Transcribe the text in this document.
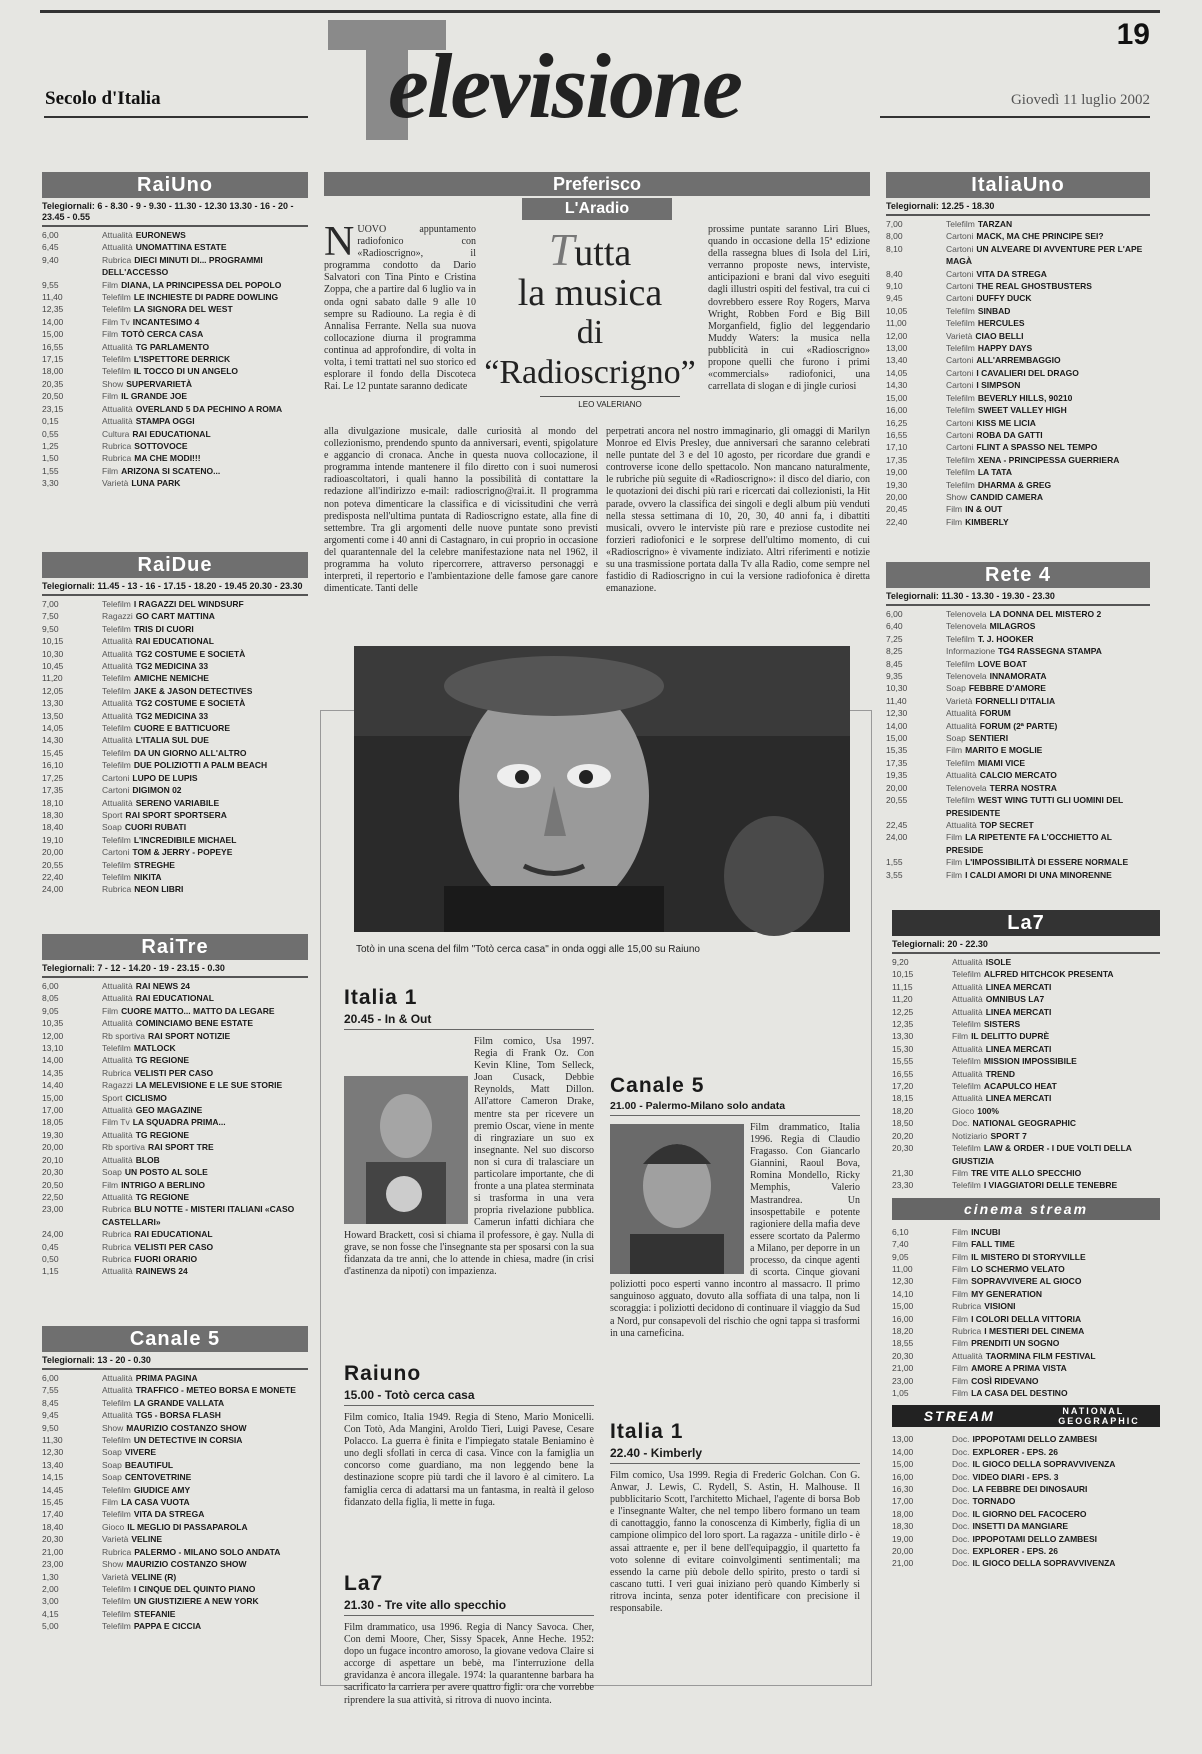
19
Secolo d'Italia elevisione	Giovedì 11 luglio 2002
RaiUno
Telegiornali: 6 - 8.30 - 9 - 9.30 - 11.30 - 12.30 13.30 - 16 - 20 - 23.45 - 0.55
6,00	Attualità EURONEWS
6,45	Attualità UNOMATTINA ESTATE
9,40	Rubrica DIECI MINUTI DI... PROGRAMMI DELL'ACCESSO
9,55	Film DIANA, LA PRINCIPESSA DEL POPOLO
11,40	Telefilm LE INCHIESTE DI PADRE DOWLING
12,35	Telefilm LA SIGNORA DEL WEST
14,00	Film Tv INCANTESIMO 4
15,00	Film TOTÒ CERCA CASA
16,55	Attualità TG PARLAMENTO
17,15	Telefilm L'ISPETTORE DERRICK
18,00	Telefilm IL TOCCO DI UN ANGELO
20,35	Show SUPERVARIETÀ
20,50	Film IL GRANDE JOE
23,15	Attualità OVERLAND 5 DA PECHINO A ROMA
0,15	Attualità STAMPA OGGI
0,55	Cultura RAI EDUCATIONAL
1,25	Rubrica SOTTOVOCE
1,50	Rubrica MA CHE MODI!!!
1,55	Film ARIZONA SI SCATENO...
3,30	Varietà LUNA PARK
RaiDue
Telegiornali: 11.45 - 13 - 16 - 17.15 - 18.20 - 19.45 20.30 - 23.30
7,00	Telefilm I RAGAZZI DEL WINDSURF
7,50	Ragazzi GO CART MATTINA
9,50	Telefilm TRIS DI CUORI
10,15	Attualità RAI EDUCATIONAL
10,30	Attualità TG2 COSTUME E SOCIETÀ
10,45	Attualità TG2 MEDICINA 33
11,20	Telefilm AMICHE NEMICHE
12,05	Telefilm JAKE & JASON DETECTIVES
13,30	Attualità TG2 COSTUME E SOCIETÀ
13,50	Attualità TG2 MEDICINA 33
14,05	Telefilm CUORE E BATTICUORE
14,30	Attualità L'ITALIA SUL DUE
15,45	Telefilm DA UN GIORNO ALL'ALTRO
16,10	Telefilm DUE POLIZIOTTI A PALM BEACH
17,25	Cartoni LUPO DE LUPIS
17,35	Cartoni DIGIMON 02
18,10	Attualità SERENO VARIABILE
18,30	Sport RAI SPORT SPORTSERA
18,40	Soap CUORI RUBATI
19,10	Telefilm L'INCREDIBILE MICHAEL
20,00	Cartoni TOM & JERRY - POPEYE
20,55	Telefilm STREGHE
22,40	Telefilm NIKITA
24,00	Rubrica NEON LIBRI
RaiTre
Telegiornali: 7 - 12 - 14.20 - 19 - 23.15 - 0.30
6,00	Attualità RAI NEWS 24
8,05	Attualità RAI EDUCATIONAL
9,05	Film CUORE MATTO... MATTO DA LEGARE
10,35	Attualità COMINCIAMO BENE ESTATE
12,00	Rb sportiva RAI SPORT NOTIZIE
13,10	Telefilm MATLOCK
14,00	Attualità TG REGIONE
14,35	Rubrica VELISTI PER CASO
14,40	Ragazzi LA MELEVISIONE E LE SUE STORIE
15,00	Sport CICLISMO
17,00	Attualità GEO MAGAZINE
18,05	Film Tv LA SQUADRA PRIMA...
19,30	Attualità TG REGIONE
20,00	Rb sportiva RAI SPORT TRE
20,10	Attualità BLOB
20,30	Soap UN POSTO AL SOLE
20,50	Film INTRIGO A BERLINO
22,50	Attualità TG REGIONE
23,00	Rubrica BLU NOTTE - MISTERI ITALIANI «CASO CASTELLARI»
24,00	Rubrica RAI EDUCATIONAL
0,45	Rubrica VELISTI PER CASO
0,50	Rubrica FUORI ORARIO
1,15	Attualità RAINEWS 24
Canale 5
Telegiornali: 13 - 20 - 0.30
6,00	Attualità PRIMA PAGINA
7,55	Attualità TRAFFICO - METEO BORSA E MONETE
8,45	Telefilm LA GRANDE VALLATA
9,45	Attualità TG5 - BORSA FLASH
9,50	Show MAURIZIO COSTANZO SHOW
11,30	Telefilm UN DETECTIVE IN CORSIA
12,30	Soap VIVERE
13,40	Soap BEAUTIFUL
14,15	Soap CENTOVETRINE
14,45	Telefilm GIUDICE AMY
15,45	Film LA CASA VUOTA
17,40	Telefilm VITA DA STREGA
18,40	Gioco IL MEGLIO DI PASSAPAROLA
20,30	Varietà VELINE
21,00	Rubrica PALERMO - MILANO SOLO ANDATA
23,00	Show MAURIZIO COSTANZO SHOW
1,30	Varietà VELINE (R)
2,00	Telefilm I CINQUE DEL QUINTO PIANO
3,00	Telefilm UN GIUSTIZIERE A NEW YORK
4,15	Telefilm STEFANIE
5,00	Telefilm PAPPA E CICCIA
ItaliaUno
Telegiornali: 12.25 - 18.30
7,00	Telefilm TARZAN
8,00	Cartoni MACK, MA CHE PRINCIPE SEI?
8,10	Cartoni UN ALVEARE DI AVVENTURE PER L'APE MAGÀ
8,40	Cartoni VITA DA STREGA
9,10	Cartoni THE REAL GHOSTBUSTERS
9,45	Cartoni DUFFY DUCK
10,05	Telefilm SINBAD
11,00	Telefilm HERCULES
12,00	Varietà CIAO BELLI
13,00	Telefilm HAPPY DAYS
13,40	Cartoni ALL'ARREMBAGGIO
14,05	Cartoni I CAVALIERI DEL DRAGO
14,30	Cartoni I SIMPSON
15,00	Telefilm BEVERLY HILLS, 90210
16,00	Telefilm SWEET VALLEY HIGH
16,25	Cartoni KISS ME LICIA
16,55	Cartoni ROBA DA GATTI
17,10	Cartoni FLINT A SPASSO NEL TEMPO
17,35	Telefilm XENA - PRINCIPESSA GUERRIERA
19,00	Telefilm LA TATA
19,30	Telefilm DHARMA & GREG
20,00	Show CANDID CAMERA
20,45	Film IN & OUT
22,40	Film KIMBERLY
Rete 4
Telegiornali: 11.30 - 13.30 - 19.30 - 23.30
6,00	Telenovela LA DONNA DEL MISTERO 2
6,40	Telenovela MILAGROS
7,25	Telefilm T. J. HOOKER
8,25	Informazione TG4 RASSEGNA STAMPA
8,45	Telefilm LOVE BOAT
9,35	Telenovela INNAMORATA
10,30	Soap FEBBRE D'AMORE
11,40	Varietà FORNELLI D'ITALIA
12,30	Attualità FORUM
14,00	Attualità FORUM (2ª PARTE)
15,00	Soap SENTIERI
15,35	Film MARITO E MOGLIE
17,35	Telefilm MIAMI VICE
19,35	Attualità CALCIO MERCATO
20,00	Telenovela TERRA NOSTRA
20,55	Telefilm WEST WING TUTTI GLI UOMINI DEL PRESIDENTE
22,45	Attualità TOP SECRET
24,00	Film LA RIPETENTE FA L'OCCHIETTO AL PRESIDE
1,55	Film L'IMPOSSIBILITÀ DI ESSERE NORMALE
3,55	Film I CALDI AMORI DI UNA MINORENNE
La7
Telegiornali: 20 - 22.30
9,20	Attualità ISOLE
10,15	Telefilm ALFRED HITCHCOK PRESENTA
11,15	Attualità LINEA MERCATI
11,20	Attualità OMNIBUS LA7
12,25	Attualità LINEA MERCATI
12,35	Telefilm SISTERS
13,30	Film IL DELITTO DUPRÈ
15,30	Attualità LINEA MERCATI
15,55	Telefilm MISSION IMPOSSIBILE
16,55	Attualità TREND
17,20	Telefilm ACAPULCO HEAT
18,15	Attualità LINEA MERCATI
18,20	Gioco 100%
18,50	Doc. NATIONAL GEOGRAPHIC
20,20	Notiziario SPORT 7
20,30	Telefilm LAW & ORDER - I DUE VOLTI DELLA GIUSTIZIA
21,30	Film TRE VITE ALLO SPECCHIO
23,30	Telefilm I VIAGGIATORI DELLE TENEBRE
cinema stream
6,10	Film INCUBI
7,40	Film FALL TIME
9,05	Film IL MISTERO DI STORYVILLE
11,00	Film LO SCHERMO VELATO
12,30	Film SOPRAVVIVERE AL GIOCO
14,10	Film MY GENERATION
15,00	Rubrica VISIONI
16,00	Film I COLORI DELLA VITTORIA
18,20	Rubrica I MESTIERI DEL CINEMA
18,55	Film PRENDITI UN SOGNO
20,30	Attualità TAORMINA FILM FESTIVAL
21,00	Film AMORE A PRIMA VISTA
23,00	Film COSÌ RIDEVANO
1,05	Film LA CASA DEL DESTINO
STREAM	NATIONAL GEOGRAPHIC
13,00	Doc. IPPOPOTAMI DELLO ZAMBESI
14,00	Doc. EXPLORER - EPS. 26
15,00	Doc. IL GIOCO DELLA SOPRAVVIVENZA
16,00	Doc. VIDEO DIARI - EPS. 3
16,30	Doc. LA FEBBRE DEI DINOSAURI
17,00	Doc. TORNADO
18,00	Doc. IL GIORNO DEL FACOCERO
18,30	Doc. INSETTI DA MANGIARE
19,00	Doc. IPPOPOTAMI DELLO ZAMBESI
20,00	Doc. EXPLORER - EPS. 26
21,00	Doc. IL GIOCO DELLA SOPRAVVIVENZA
Preferisco
L'Aradio
NUOVO appuntamento radiofonico con «Radioscrigno», il programma condotto da Dario Salvatori con Tina Pinto e Cristina Zoppa, che a partire dal 6 luglio va in onda ogni sabato dalle 9 alle 10 sempre su Radiouno. La regia è di Annalisa Ferrante. Nella sua nuova collocazione diurna il programma continua ad approfondire, di volta in volta, i temi trattati nel suo storico ed esplorare il fondo della Discoteca Rai. Le 12 puntate saranno dedicate
Tutta
la musica
di “Radioscrigno”
LEO VALERIANO
alla divulgazione musicale, dalle curiosità al mondo del collezionismo, prendendo spunto da anniversari, eventi, spigolature e aggancio di cronaca. Anche in questa nuova collocazione, il programma intende mantenere il filo diretto con i suoi numerosi radioascoltatori, i quali hanno la possibilità di contattare la redazione all'indirizzo e-mail: radioscrigno@rai.it. Il programma non poteva dimenticare la classifica e di vicissitudini che verrà predisposta nell'ultima puntata di Radioscrigno estate, alla fine di settembre. Tra gli argomenti delle nuove puntate sono previsti argomenti come i 40 anni di Castagnaro, in cui proprio in occasione del quarantennale del la celebre manifestazione nata nel 1962, il programma ha voluto ripercorrere, attraverso personaggi e interpreti, il repertorio e l'ambientazione delle famose gare canore dimenticate. Tanti delle
prossime puntate saranno Liri Blues, quando in occasione della 15ª edizione della rassegna blues di Isola del Liri, verranno proposte news, interviste, anticipazioni e brani dal vivo eseguiti dagli illustri ospiti del festival, tra cui ci dovrebbero essere Roy Rogers, Marva Wright, Robben Ford e Big Bill Morganfield, figlio del leggendario Muddy Waters: la musica nella pubblicità in cui «Radioscrigno» propone quelli che furono i primi «commercials» radiofonici, una carrellata di slogan e di jingle curiosi
perpetrati ancora nel nostro immaginario, gli omaggi di Marilyn Monroe ed Elvis Presley, due anniversari che saranno celebrati nelle puntate del 3 e del 10 agosto, per ricordare due grandi e controverse icone dello spettacolo. Non mancano naturalmente, le rubriche più seguite di «Radioscrigno»: il disco del diario, con le quotazioni dei dischi più rari e ricercati dai collezionisti, la Hit parade, ovvero la classifica dei singoli e degli album più venduti nella stessa settimana di 10, 20, 30, 40 anni fa, i dibattiti musicali, ovvero le interviste più rare e preziose custodite nei forzieri radiofonici e le sorprese dell'ultimo momento, di cui «Radioscrigno» è vivamente indiziato. Altri riferimenti e notizie su una trasmissione portata dalla Tv alla Radio, come sempre nel fastidio di Radioscrigno in cui la versione radiofonica è diretta emanazione.
Totò in una scena del film "Totò cerca casa" in onda oggi alle 15,00 su Raiuno
Italia 1
20.45 - In & Out
Film comico, Usa 1997. Regia di Frank Oz. Con Kevin Kline, Tom Selleck, Joan Cusack, Debbie Reynolds, Matt Dillon. All'attore Cameron Drake, mentre sta per ricevere un premio Oscar, viene in mente di ringraziare un suo ex insegnante. Nel suo discorso non si cura di tralasciare un particolare importante, che di fronte a una platea sterminata si trasforma in una vera propria rivelazione pubblica. Camerun infatti dichiara che Howard Brackett, così si chiama il professore, è gay. Nulla di grave, se non fosse che l'insegnante sta per sposarsi con la sua fidanzata da tre anni, che lo attende in chiesa, madre (in crisi d'astinenza da nipoti) con impazienza.
Raiuno
15.00 - Totò cerca casa
Film comico, Italia 1949. Regia di Steno, Mario Monicelli. Con Totò, Ada Mangini, Aroldo Tieri, Luigi Pavese, Cesare Polacco. La guerra è finita e l'impiegato statale Beniamino è uno degli sfollati in cerca di casa. Vince con la famiglia un concorso come guardiano, ma non leggendo bene la destinazione scopre più tardi che il lavoro è al cimitero. La famiglia cerca di adattarsi ma un fantasma, in realtà il geloso fidanzato della figlia, li mette in fuga.
La7
21.30 - Tre vite allo specchio
Film drammatico, usa 1996. Regia di Nancy Savoca. Cher, Con demi Moore, Cher, Sissy Spacek, Anne Heche. 1952: dopo un fugace incontro amoroso, la giovane vedova Claire si accorge di aspettare un bebè, ma l'interruzione della gravidanza è ancora illegale. 1974: la quarantenne barbara ha sacrificato la carriera per avere quattro figli: ora che vorrebbe riprendere la sua attività, si ritrova di nuovo incinta.
Canale 5
21.00 - Palermo-Milano solo andata
Film drammatico, Italia 1996. Regia di Claudio Fragasso. Con Giancarlo Giannini, Raoul Bova, Romina Mondello, Ricky Memphis, Valerio Mastrandrea. Un insospettabile e potente ragioniere della mafia deve essere scortato da Palermo a Milano, per deporre in un processo, da cinque agenti di scorta. Cinque giovani poliziotti poco esperti vanno incontro al massacro. Il primo sanguinoso agguato, dovuto alla soffiata di una talpa, non li scoraggia: i poliziotti decidono di continuare il viaggio da Sud a Nord, pur consapevoli del rischio che ogni tappa si trasformi in una carneficina.
Italia 1
22.40 - Kimberly
Film comico, Usa 1999. Regia di Frederic Golchan. Con G. Anwar, J. Lewis, C. Rydell, S. Astin, H. Malhouse. Il pubblicitario Scott, l'architetto Michael, l'agente di borsa Bob e l'insegnante Walter, che nel tempo libero formano un team di canottaggio, fanno la conoscenza di Kimberly, figlia di un campione olimpico del loro sport. La ragazza - unitile dirlo - è assai attraente e, per il bene dell'equipaggio, il quartetto fa voto solenne di evitare coinvolgimenti sentimentali; ma essendo la carne più debole dello spirito, presto o tardi si cascano tutti. I veri guai iniziano però quando Kimberly si ritrova incinta, senza poter identificare con precisione il responsabile.
